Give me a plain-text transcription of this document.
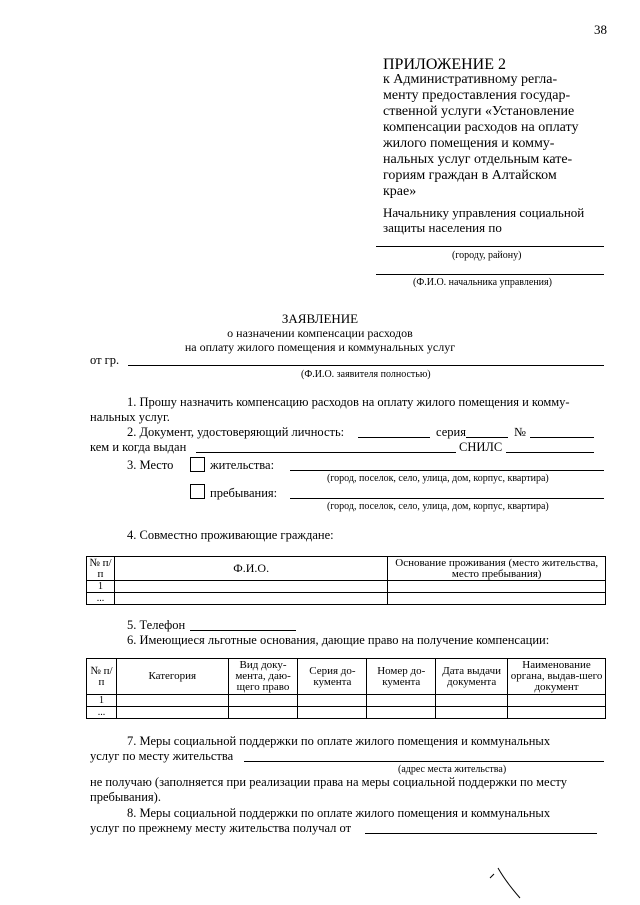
38
ПРИЛОЖЕНИЕ 2
к Административному регла-
менту предоставления государ-
ственной услуги «Установление
компенсации расходов на оплату
жилого помещения и комму-
нальных услуг отдельным кате-
гориям граждан в Алтайском
крае»
Начальнику управления социальной
защиты населения по
(городу, району)
(Ф.И.О. начальника управления)
ЗАЯВЛЕНИЕ
о назначении компенсации расходов
на оплату жилого помещения и коммунальных услуг
от гр.
(Ф.И.О. заявителя полностью)
1. Прошу назначить компенсацию расходов на оплату жилого помещения и комму-
нальных услуг.
2. Документ, удостоверяющий личность:	серия	№
кем и когда выдан	СНИЛС
3. Место	жительства:
(город, поселок, село, улица, дом, корпус, квартира)
пребывания:
(город, поселок, село, улица, дом, корпус, квартира)
4. Совместно проживающие граждане:
№ п/п	Ф.И.О.	Основание проживания (место жительства, место пребывания)
1		
...		
5. Телефон
6. Имеющиеся льготные основания, дающие право на получение компенсации:
№ п/п	Категория	Вид доку-мента, даю-щего право	Серия до-кумента	Номер до-кумента	Дата выдачи документа	Наименование органа, выдав-шего документ
1						
...						
7. Меры социальной поддержки по оплате жилого помещения и коммунальных
услуг по месту жительства
(адрес места жительства)
не получаю (заполняется при реализации права на меры социальной поддержки по месту
пребывания).
8. Меры социальной поддержки по оплате жилого помещения и коммунальных
услуг по прежнему месту жительства получал от
